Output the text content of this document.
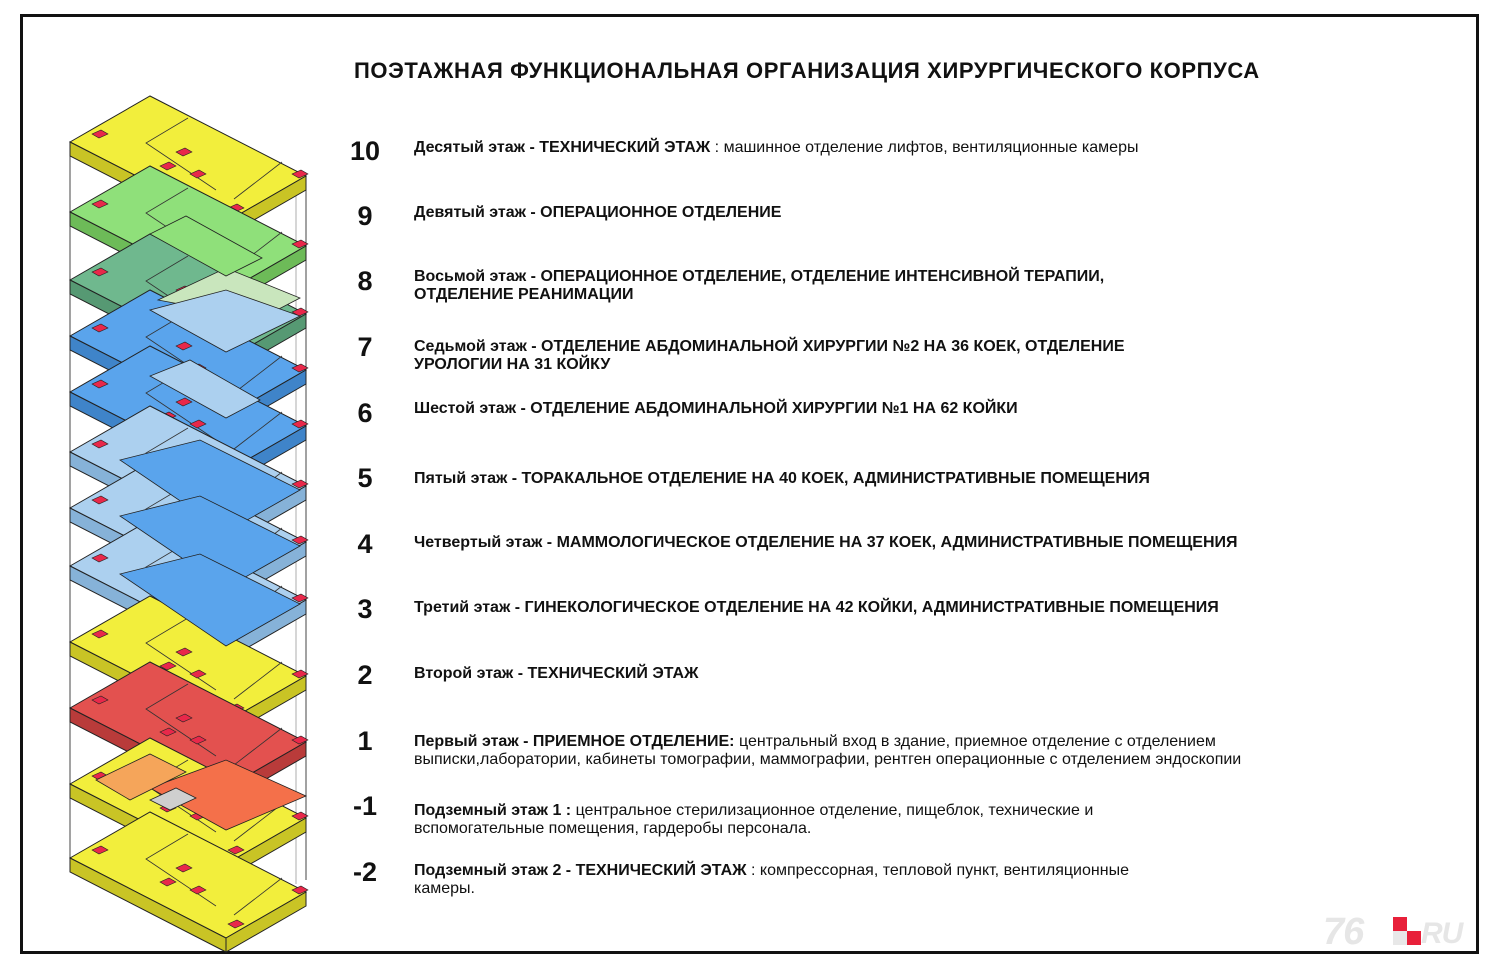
ПОЭТАЖНАЯ ФУНКЦИОНАЛЬНАЯ ОРГАНИЗАЦИЯ ХИРУРГИЧЕСКОГО КОРПУСА
10	Десятый этаж - ТЕХНИЧЕСКИЙ ЭТАЖ : машинное отделение лифтов, вентиляционные камеры
9	Девятый этаж - ОПЕРАЦИОННОЕ ОТДЕЛЕНИЕ
8	Восьмой этаж - ОПЕРАЦИОННОЕ ОТДЕЛЕНИЕ, ОТДЕЛЕНИЕ ИНТЕНСИВНОЙ ТЕРАПИИ, ОТДЕЛЕНИЕ РЕАНИМАЦИИ
7	Седьмой этаж - ОТДЕЛЕНИЕ АБДОМИНАЛЬНОЙ ХИРУРГИИ №2 НА 36 КОЕК, ОТДЕЛЕНИЕ УРОЛОГИИ НА 31 КОЙКУ
6	Шестой этаж - ОТДЕЛЕНИЕ АБДОМИНАЛЬНОЙ ХИРУРГИИ №1 НА 62 КОЙКИ
5	Пятый этаж - ТОРАКАЛЬНОЕ ОТДЕЛЕНИЕ НА 40 КОЕК, АДМИНИСТРАТИВНЫЕ ПОМЕЩЕНИЯ
4	Четвертый этаж - МАММОЛОГИЧЕСКОЕ ОТДЕЛЕНИЕ НА 37 КОЕК, АДМИНИСТРАТИВНЫЕ ПОМЕЩЕНИЯ
3	Третий этаж - ГИНЕКОЛОГИЧЕСКОЕ ОТДЕЛЕНИЕ НА 42 КОЙКИ, АДМИНИСТРАТИВНЫЕ ПОМЕЩЕНИЯ
2	Второй этаж - ТЕХНИЧЕСКИЙ ЭТАЖ
1	Первый этаж - ПРИЕМНОЕ ОТДЕЛЕНИЕ: центральный вход в здание, приемное отделение с отделением выписки,лаборатории, кабинеты томографии, маммографии, рентген операционные с отделением эндоскопии
-1	Подземный этаж 1 : центральное стерилизационное отделение, пищеблок, технические и вспомогательные помещения, гардеробы персонала.
-2	Подземный этаж 2 - ТЕХНИЧЕСКИЙ ЭТАЖ : компрессорная, тепловой пункт, вентиляционные камеры.
76 RU
